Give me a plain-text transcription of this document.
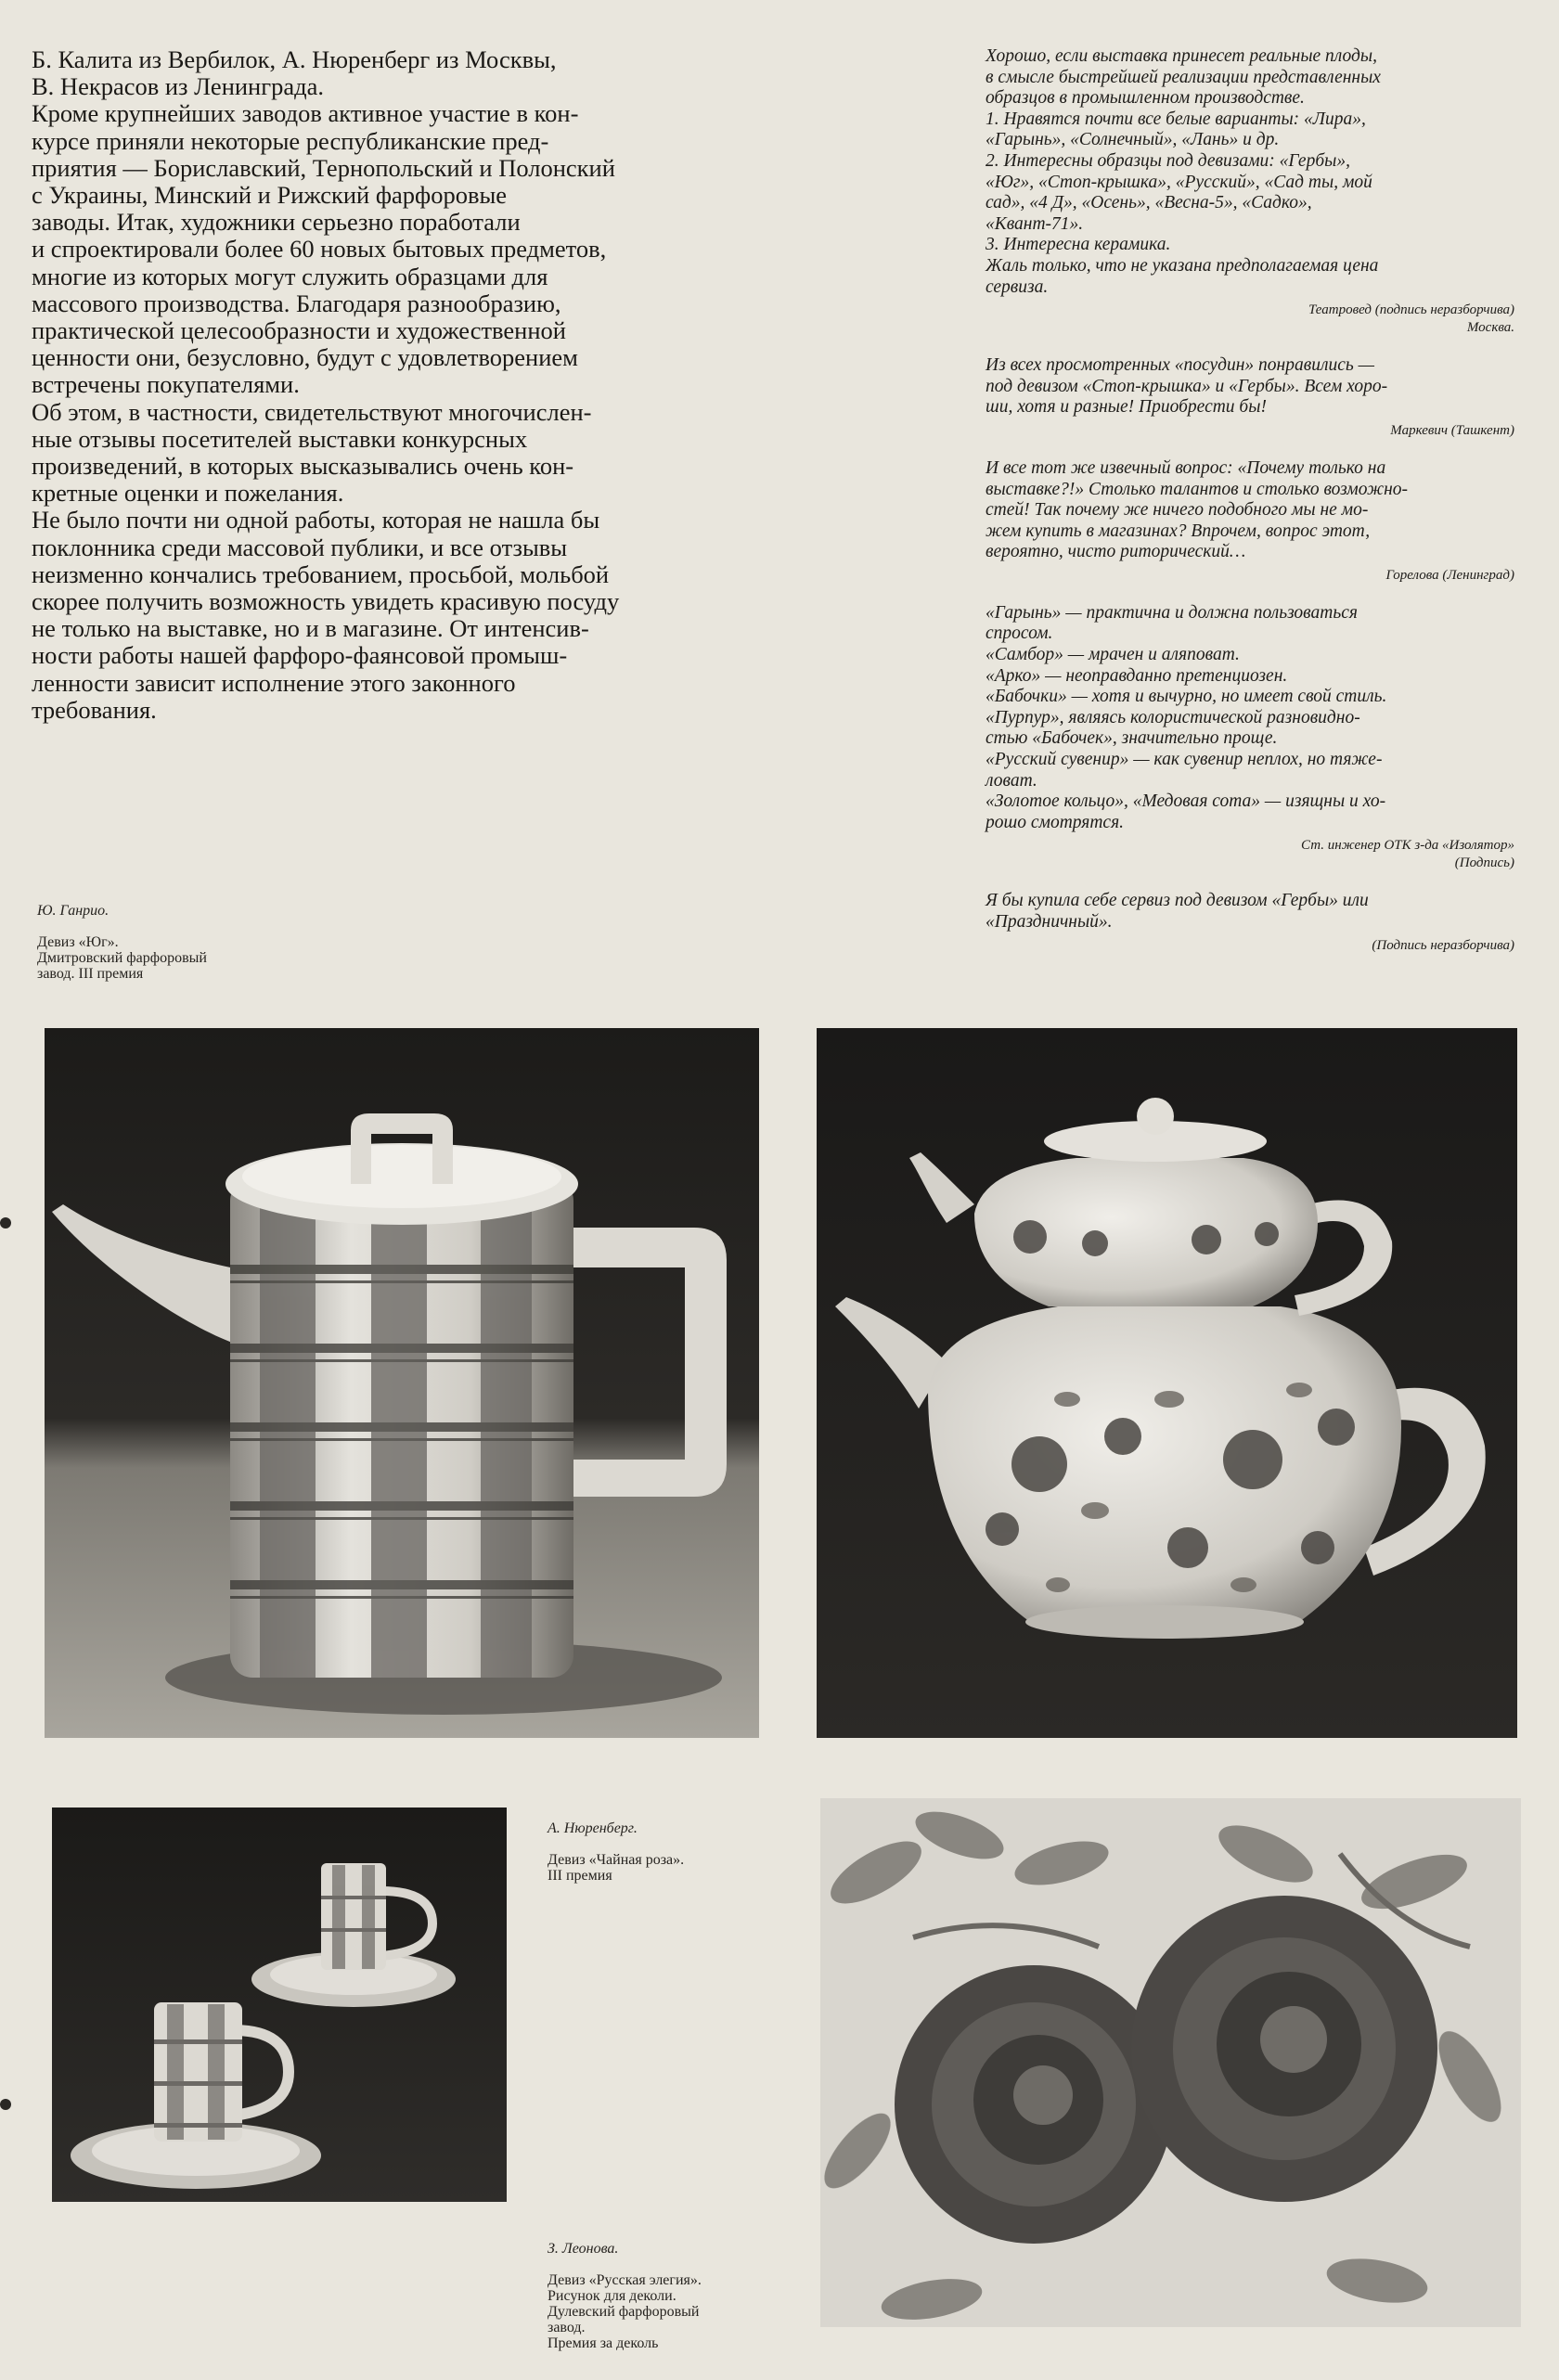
Б. Калита из Вербилок, А. Нюренберг из Москвы,
В. Некрасов из Ленинграда.

Кроме крупнейших заводов активное участие в кон-
курсе приняли некоторые республиканские пред-
приятия — Бориславский, Тернопольский и Полонский
с Украины, Минский и Рижский фарфоровые
заводы. Итак, художники серьезно поработали
и спроектировали более 60 новых бытовых предметов,
многие из которых могут служить образцами для
массового производства. Благодаря разнообразию,
практической целесообразности и художественной
ценности они, безусловно, будут с удовлетворением
встречены покупателями.

Об этом, в частности, свидетельствуют многочислен-
ные отзывы посетителей выставки конкурсных
произведений, в которых высказывались очень кон-
кретные оценки и пожелания.

Не было почти ни одной работы, которая не нашла бы
поклонника среди массовой публики, и все отзывы
неизменно кончались требованием, просьбой, мольбой
скорее получить возможность увидеть красивую посуду
не только на выставке, но и в магазине. От интенсив-
ности работы нашей фарфоро-фаянсовой промыш-
ленности зависит исполнение этого законного
требования.

Хорошо, если выставка принесет реальные плоды,
в смысле быстрейшей реализации представленных
образцов в промышленном производстве.
1. Нравятся почти все белые варианты: «Лира»,
«Гарынь», «Солнечный», «Лань» и др.
2. Интересны образцы под девизами: «Гербы»,
«Юг», «Стоп-крышка», «Русский», «Сад ты, мой
сад», «4 Д», «Осень», «Весна-5», «Садко»,
«Квант-71».
3. Интересна керамика.
Жаль только, что не указана предполагаемая цена
сервиза.

Театровед (подпись неразборчива)
Москва.

Из всех просмотренных «посудин» понравились —
под девизом «Стоп-крышка» и «Гербы». Всем хоро-
ши, хотя и разные! Приобрести бы!

Маркевич (Ташкент)

И все тот же извечный вопрос: «Почему только на
выставке?!» Столько талантов и столько возможно-
стей! Так почему же ничего подобного мы не мо-
жем купить в магазинах? Впрочем, вопрос этот,
вероятно, чисто риторический…

Горелова (Ленинград)

«Гарынь» — практична и должна пользоваться
спросом.
«Самбор» — мрачен и аляповат.
«Арко» — неоправданно претенциозен.
«Бабочки» — хотя и вычурно, но имеет свой стиль.
«Пурпур», являясь колористической разновидно-
стью «Бабочек», значительно проще.
«Русский сувенир» — как сувенир неплох, но тяже-
ловат.
«Золотое кольцо», «Медовая сота» — изящны и хо-
рошо смотрятся.

Ст. инженер ОТК з-да «Изолятор»
(Подпись)

Я бы купила себе сервиз под девизом «Гербы» или
«Праздничный».

(Подпись неразборчива)

Ю. Ганрио.

Девиз «Юг».
Дмитровский фарфоровый
завод. III премия

А. Нюренберг.

Девиз «Чайная роза».
III премия

З. Леонова.

Девиз «Русская элегия».
Рисунок для деколи.
Дулевский фарфоровый
завод.
Премия за деколь
